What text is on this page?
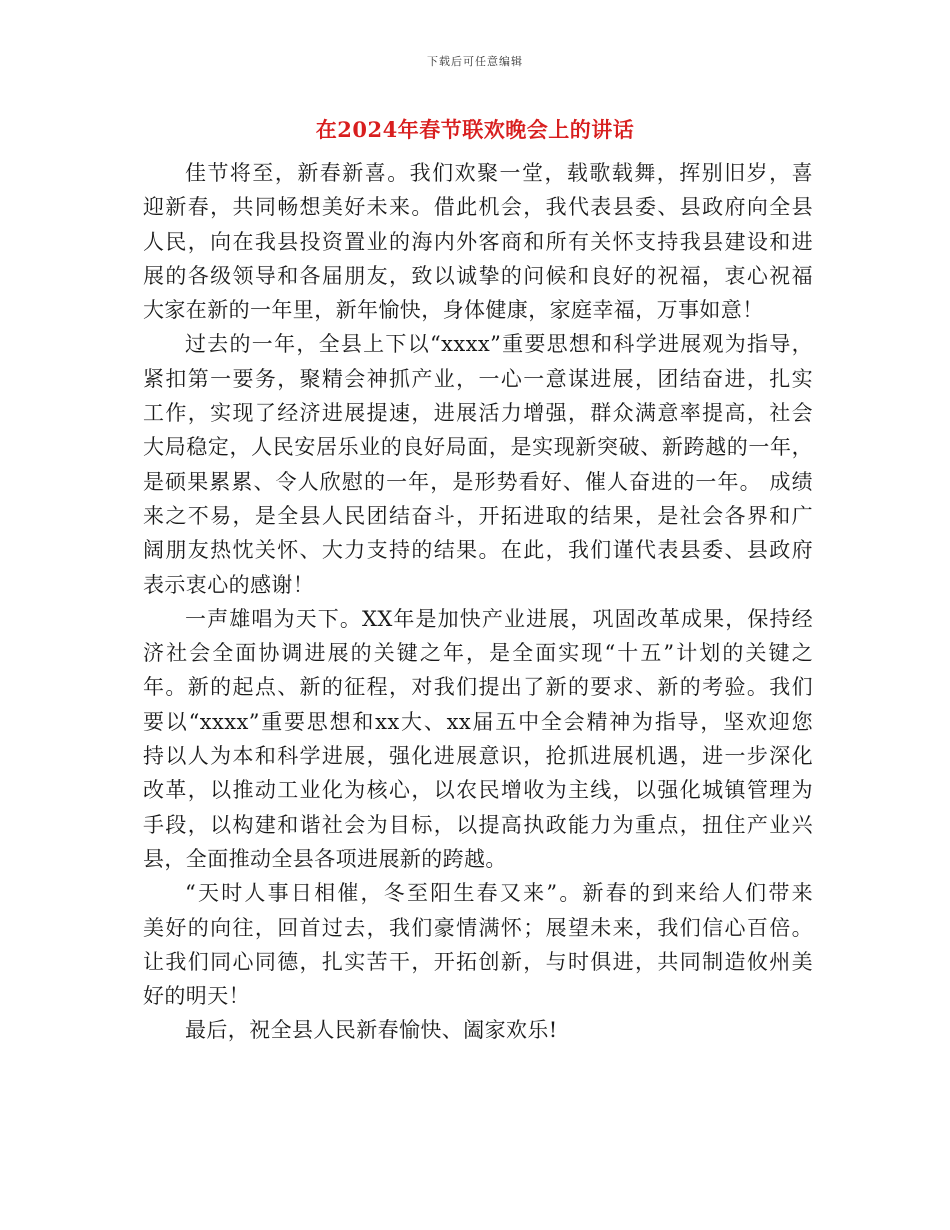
下载后可任意编辑
在2024年春节联欢晚会上的讲话

佳节将至，新春新喜。我们欢聚一堂，载歌载舞，挥别旧岁，喜
迎新春，共同畅想美好未来。借此机会，我代表县委、县政府向全县
人民，向在我县投资置业的海内外客商和所有关怀支持我县建设和进
展的各级领导和各届朋友，致以诚挚的问候和良好的祝福，衷心祝福
大家在新的一年里，新年愉快，身体健康，家庭幸福，万事如意！

过去的一年，全县上下以“xxxx”重要思想和科学进展观为指导，
紧扣第一要务，聚精会神抓产业，一心一意谋进展，团结奋进，扎实
工作，实现了经济进展提速，进展活力增强，群众满意率提高，社会
大局稳定，人民安居乐业的良好局面，是实现新突破、新跨越的一年，
是硕果累累、令人欣慰的一年，是形势看好、催人奋进的一年。 成绩
来之不易，是全县人民团结奋斗，开拓进取的结果，是社会各界和广
阔朋友热忱关怀、大力支持的结果。在此，我们谨代表县委、县政府
表示衷心的感谢！

一声雄唱为天下。XX年是加快产业进展，巩固改革成果，保持经
济社会全面协调进展的关键之年，是全面实现“十五”计划的关键之
年。新的起点、新的征程，对我们提出了新的要求、新的考验。我们
要以“xxxx”重要思想和xx大、xx届五中全会精神为指导，坚欢迎您
持以人为本和科学进展，强化进展意识，抢抓进展机遇，进一步深化
改革，以推动工业化为核心，以农民增收为主线，以强化城镇管理为
手段，以构建和谐社会为目标，以提高执政能力为重点，扭住产业兴
县，全面推动全县各项进展新的跨越。

“天时人事日相催，冬至阳生春又来”。新春的到来给人们带来
美好的向往，回首过去，我们豪情满怀；展望未来，我们信心百倍。
让我们同心同德，扎实苦干，开拓创新，与时俱进，共同制造攸州美
好的明天！

最后，祝全县人民新春愉快、阖家欢乐!
